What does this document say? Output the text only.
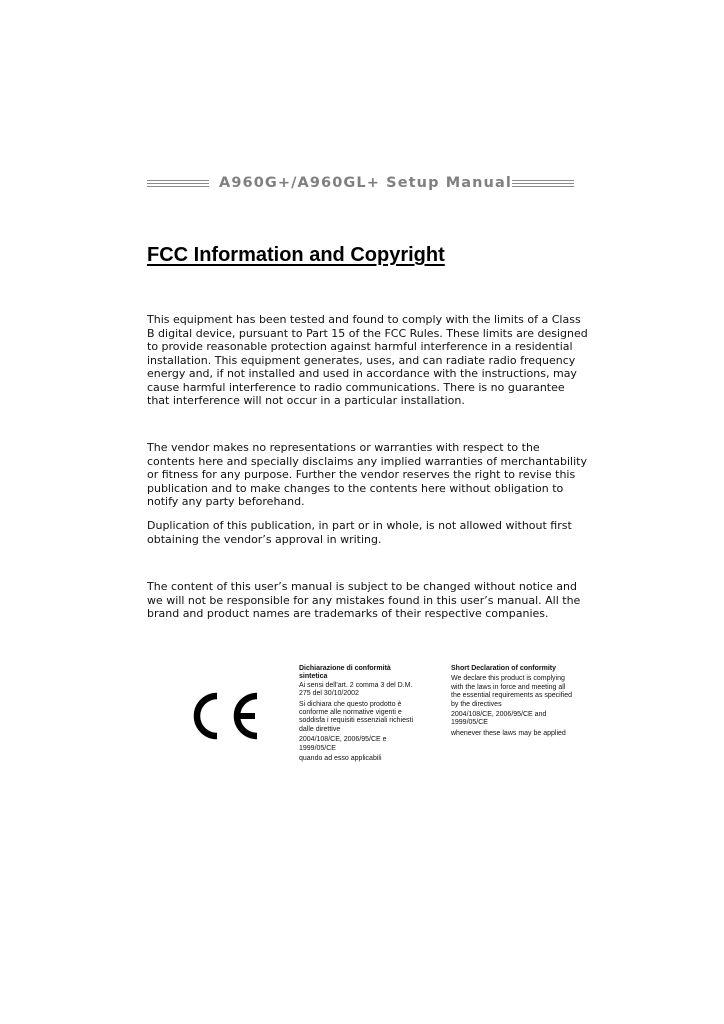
A960G+/A960GL+ Setup Manual
FCC Information and Copyright

This equipment has been tested and found to comply with the limits of a Class
B digital device, pursuant to Part 15 of the FCC Rules. These limits are designed
to provide reasonable protection against harmful interference in a residential
installation. This equipment generates, uses, and can radiate radio frequency
energy and, if not installed and used in accordance with the instructions, may
cause harmful interference to radio communications. There is no guarantee
that interference will not occur in a particular installation.

The vendor makes no representations or warranties with respect to the
contents here and specially disclaims any implied warranties of merchantability
or fitness for any purpose. Further the vendor reserves the right to revise this
publication and to make changes to the contents here without obligation to
notify any party beforehand.

Duplication of this publication, in part or in whole, is not allowed without first
obtaining the vendor’s approval in writing.

The content of this user’s manual is subject to be changed without notice and
we will not be responsible for any mistakes found in this user’s manual. All the
brand and product names are trademarks of their respective companies.

Dichiarazione di conformità
sintetica
Ai sensi dell'art. 2 comma 3 del D.M.
275 del 30/10/2002
Si dichiara che questo prodotto è
conforme alle normative vigenti e
soddisfa i requisiti essenziali richiesti
dalle direttive
2004/108/CE, 2006/95/CE e
1999/05/CE
quando ad esso applicabili
Short Declaration of conformity
We declare this product is complying
with the laws in force and meeting all
the essential requirements as specified
by the directives
2004/108/CE, 2006/95/CE and
1999/05/CE
whenever these laws may be applied
